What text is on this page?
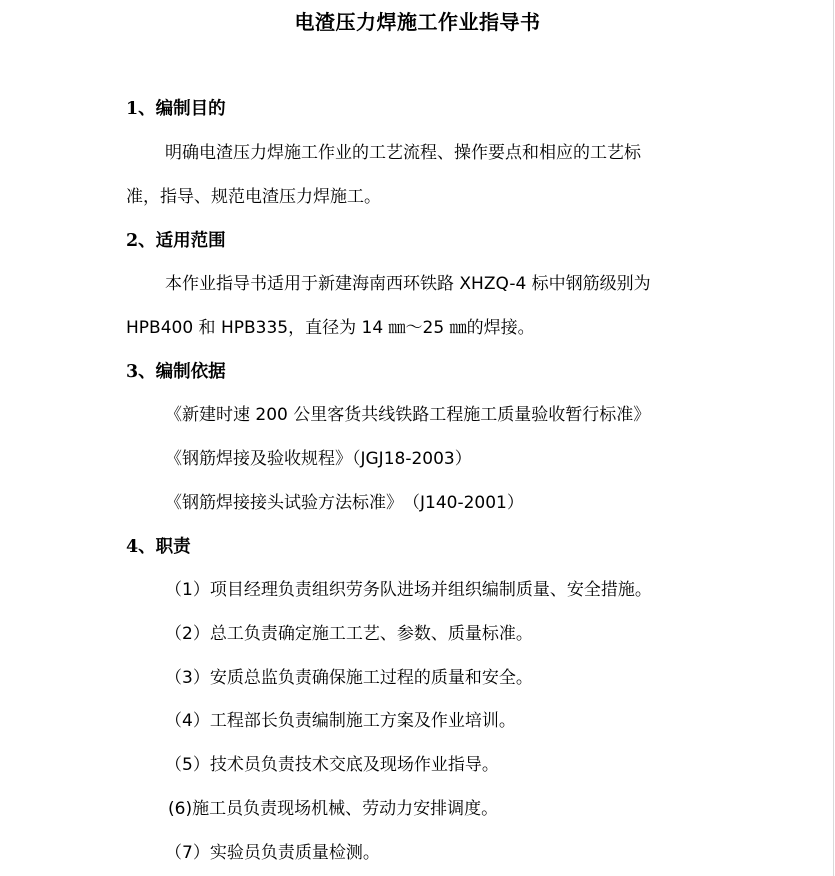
电渣压力焊施工作业指导书
1、编制目的
明确电渣压力焊施工作业的工艺流程、操作要点和相应的工艺标
准，指导、规范电渣压力焊施工。
2、适用范围
本作业指导书适用于新建海南西环铁路 XHZQ-4 标中钢筋级别为
HPB400 和 HPB335，直径为 14 ㎜～25 ㎜的焊接。
3、编制依据
《新建时速 200 公里客货共线铁路工程施工质量验收暂行标准》
《钢筋焊接及验收规程》（JGJ18-2003）
《钢筋焊接接头试验方法标准》　（J140-2001）
4、职责
（1）项目经理负责组织劳务队进场并组织编制质量、安全措施。
（2）总工负责确定施工工艺、参数、质量标准。
（3）安质总监负责确保施工过程的质量和安全。
（4）工程部长负责编制施工方案及作业培训。
（5）技术员负责技术交底及现场作业指导。
(6)施工员负责现场机械、劳动力安排调度。
（7）实验员负责质量检测。
